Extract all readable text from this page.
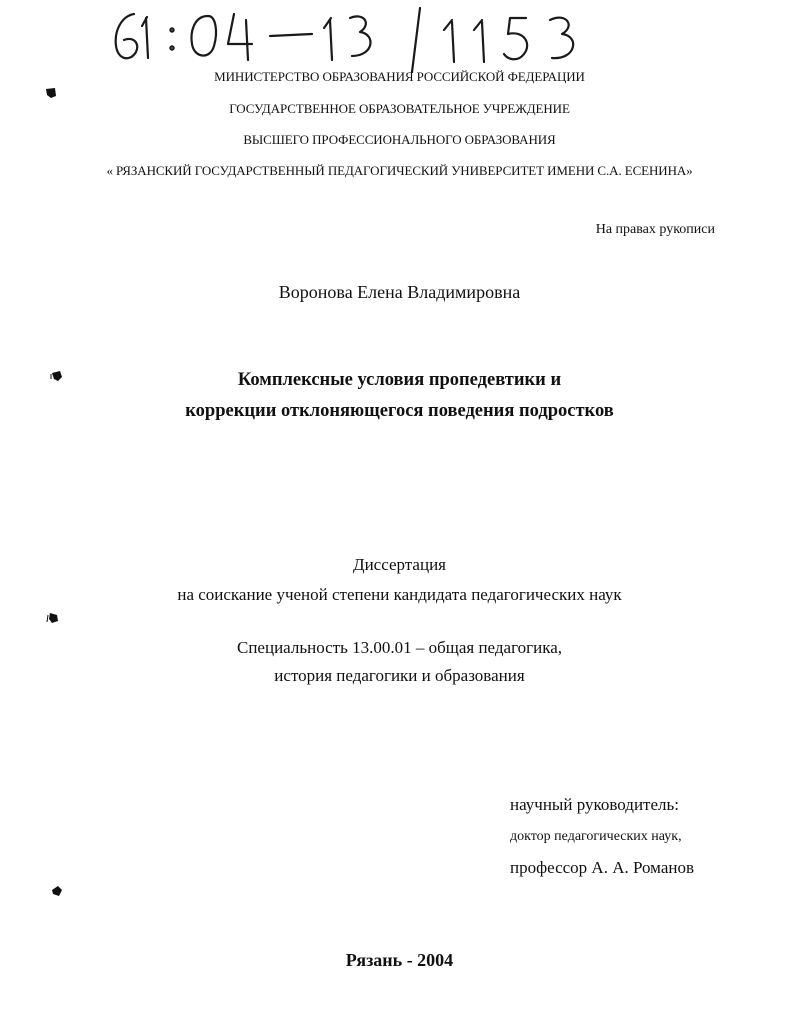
МИНИСТЕРСТВО ОБРАЗОВАНИЯ РОССИЙСКОЙ ФЕДЕРАЦИИ
ГОСУДАРСТВЕННОЕ ОБРАЗОВАТЕЛЬНОЕ УЧРЕЖДЕНИЕ
ВЫСШЕГО ПРОФЕССИОНАЛЬНОГО ОБРАЗОВАНИЯ
« РЯЗАНСКИЙ ГОСУДАРСТВЕННЫЙ ПЕДАГОГИЧЕСКИЙ УНИВЕРСИТЕТ ИМЕНИ С.А. ЕСЕНИНА»
На правах рукописи
Воронова Елена Владимировна
Комплексные условия пропедевтики и
коррекции отклоняющегося поведения подростков
Диссертация
на соискание ученой степени кандидата педагогических наук
Специальность 13.00.01 – общая педагогика,
история педагогики и образования
научный руководитель:
доктор педагогических наук,
профессор А. А. Романов
Рязань - 2004
